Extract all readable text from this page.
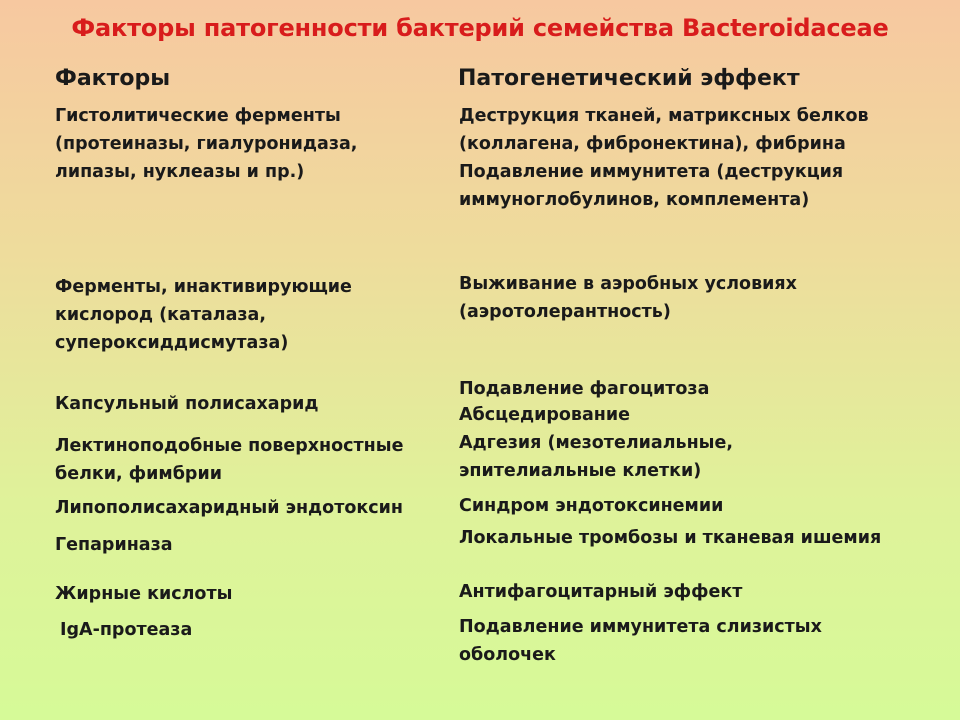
Факторы патогенности бактерий семейства Bacteroidaceae
Факторы	Патогенетический эффект
Гистолитические ферменты
(протеиназы, гиалуронидаза,
липазы, нуклеазы и пр.)
Ферменты, инактивирующие
кислород (каталаза,
супероксиддисмутаза)
Капсульный полисахарид
Лектиноподобные поверхностные
белки, фимбрии
Липополисахаридный эндотоксин
Гепариназа
Жирные кислоты
IgA-протеаза
Деструкция тканей, матриксных белков
(коллагена, фибронектина), фибрина
Подавление иммунитета (деструкция
иммуноглобулинов, комплемента)
Выживание в аэробных условиях
(аэротолерантность)
Подавление фагоцитоза
Абсцедирование
Адгезия (мезотелиальные,
эпителиальные клетки)
Синдром эндотоксинемии
Локальные тромбозы и тканевая ишемия
Антифагоцитарный эффект
Подавление иммунитета слизистых
оболочек
